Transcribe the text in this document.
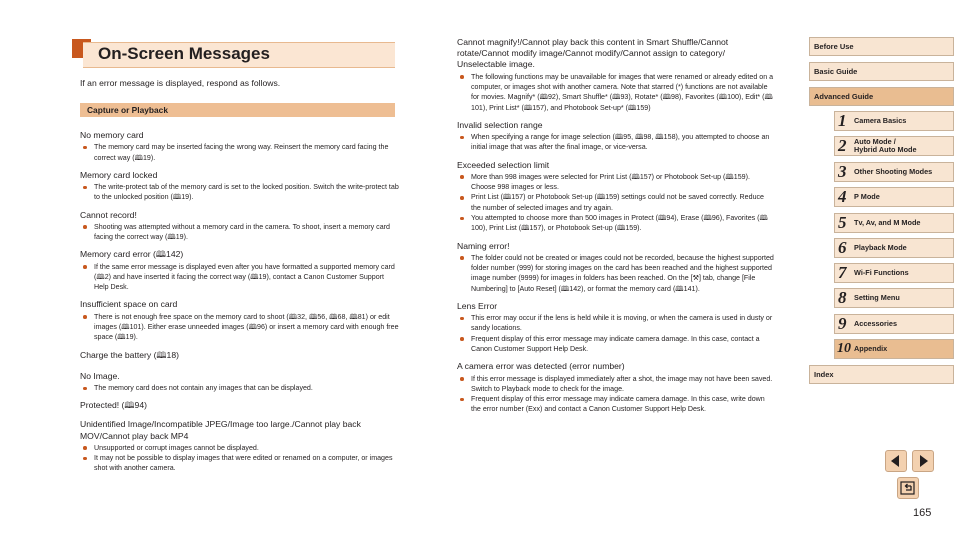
On-Screen Messages
If an error message is displayed, respond as follows.
Capture or Playback
No memory card
The memory card may be inserted facing the wrong way. Reinsert the memory card facing the correct way (🕮19).
Memory card locked
The write-protect tab of the memory card is set to the locked position. Switch the write-protect tab to the unlocked position (🕮19).
Cannot record!
Shooting was attempted without a memory card in the camera. To shoot, insert a memory card facing the correct way (🕮19).
Memory card error (🕮142)
If the same error message is displayed even after you have formatted a supported memory card (🕮2) and have inserted it facing the correct way (🕮19), contact a Canon Customer Support Help Desk.
Insufficient space on card
There is not enough free space on the memory card to shoot (🕮32, 🕮56, 🕮68, 🕮81) or edit images (🕮101). Either erase unneeded images (🕮96) or insert a memory card with enough free space (🕮19).
Charge the battery (🕮18)
No Image.
The memory card does not contain any images that can be displayed.
Protected! (🕮94)
Unidentified Image/Incompatible JPEG/Image too large./Cannot play back MOV/Cannot play back MP4
Unsupported or corrupt images cannot be displayed.
It may not be possible to display images that were edited or renamed on a computer, or images shot with another camera.
Cannot magnify!/Cannot play back this content in Smart Shuffle/Cannot rotate/Cannot modify image/Cannot modify/Cannot assign to category/ Unselectable image.
The following functions may be unavailable for images that were renamed or already edited on a computer, or images shot with another camera. Note that starred (*) functions are not available for movies. Magnify* (🕮92), Smart Shuffle* (🕮93), Rotate* (🕮98), Favorites (🕮100), Edit* (🕮101), Print List* (🕮157), and Photobook Set-up* (🕮159)
Invalid selection range
When specifying a range for image selection (🕮95, 🕮98, 🕮158), you attempted to choose an initial image that was after the final image, or vice-versa.
Exceeded selection limit
More than 998 images were selected for Print List (🕮157) or Photobook Set-up (🕮159). Choose 998 images or less.
Print List (🕮157) or Photobook Set-up (🕮159) settings could not be saved correctly. Reduce the number of selected images and try again.
You attempted to choose more than 500 images in Protect (🕮94), Erase (🕮96), Favorites (🕮100), Print List (🕮157), or Photobook Set-up (🕮159).
Naming error!
The folder could not be created or images could not be recorded, because the highest supported folder number (999) for storing images on the card has been reached and the highest supported image number (9999) for images in folders has been reached. On the [⚒] tab, change [File Numbering] to [Auto Reset] (🕮142), or format the memory card (🕮141).
Lens Error
This error may occur if the lens is held while it is moving, or when the camera is used in dusty or sandy locations.
Frequent display of this error message may indicate camera damage. In this case, contact a Canon Customer Support Help Desk.
A camera error was detected (error number)
If this error message is displayed immediately after a shot, the image may not have been saved. Switch to Playback mode to check for the image.
Frequent display of this error message may indicate camera damage. In this case, write down the error number (Exx) and contact a Canon Customer Support Help Desk.
Before Use
Basic Guide
Advanced Guide
1 Camera Basics
2 Auto Mode /
Hybrid Auto Mode
3 Other Shooting Modes
4 P Mode
5 Tv, Av, and M Mode
6 Playback Mode
7 Wi-Fi Functions
8 Setting Menu
9 Accessories
10 Appendix
Index
165
